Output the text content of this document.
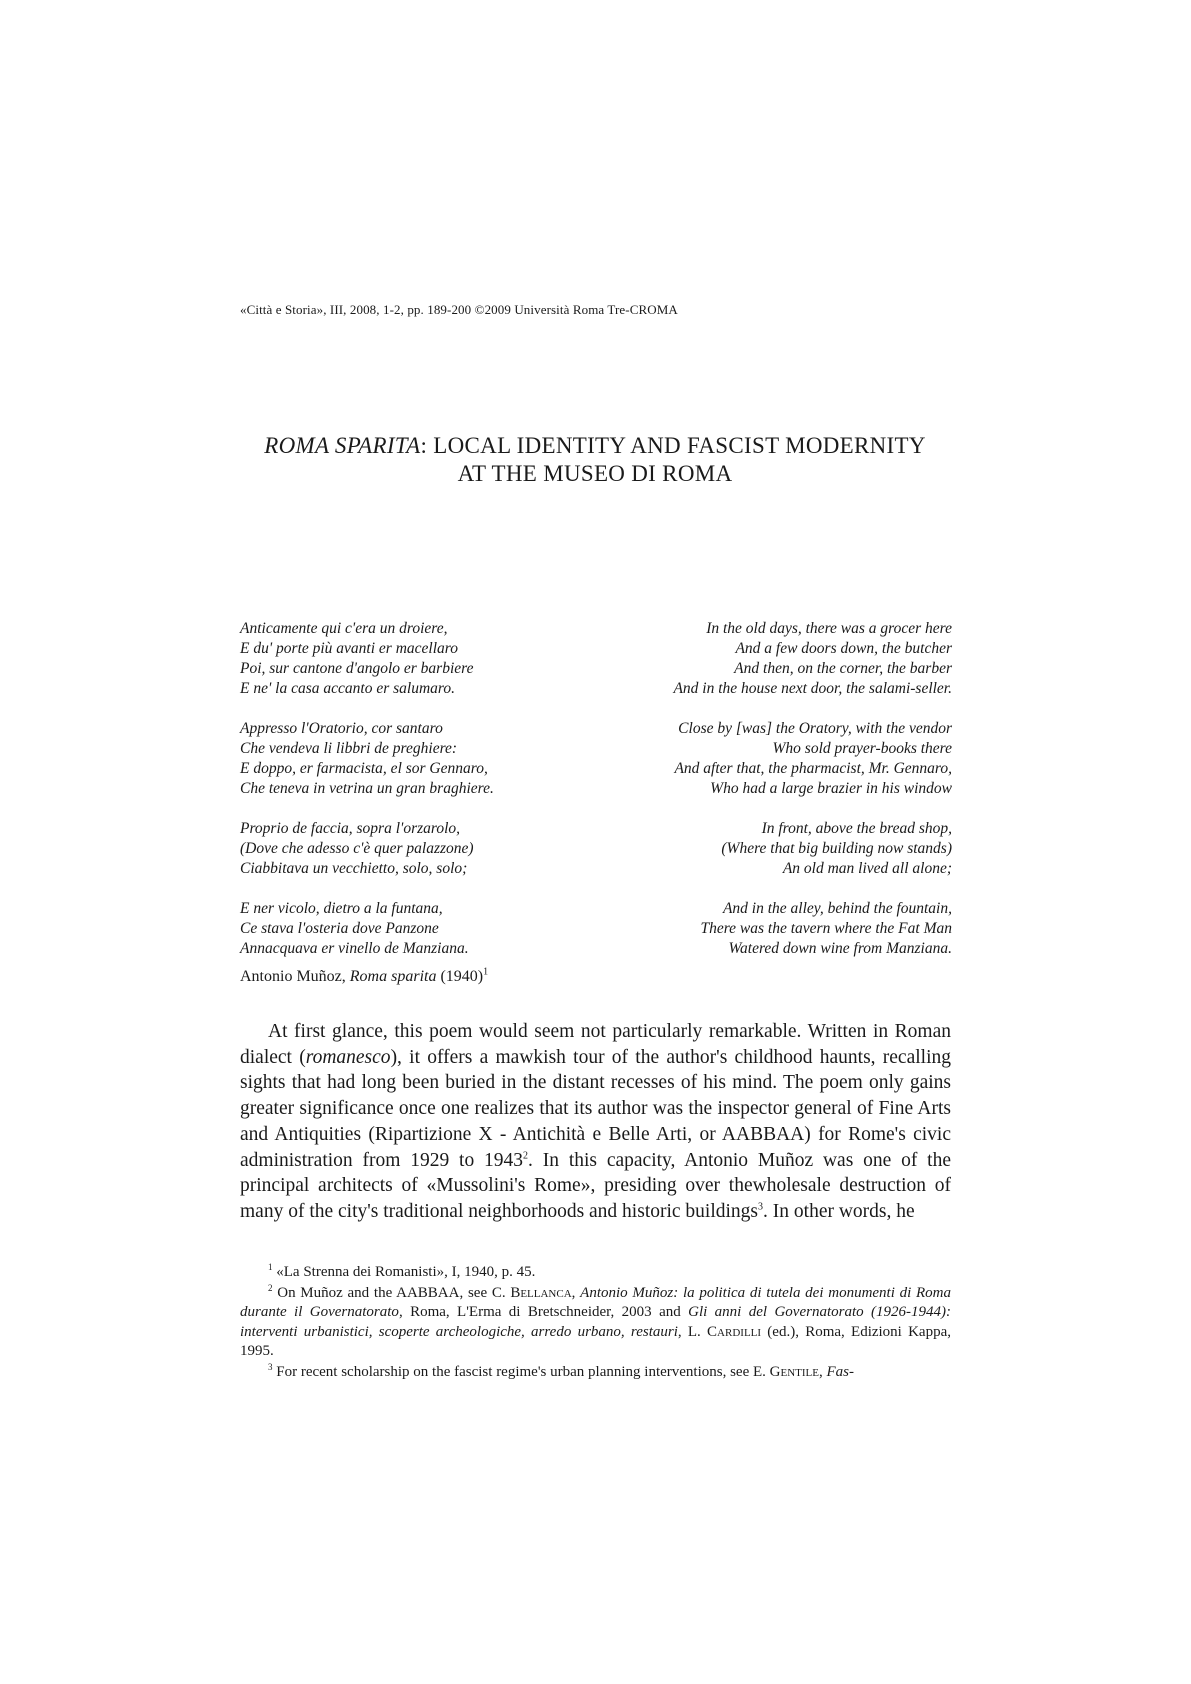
«Città e Storia», III, 2008, 1-2, pp. 189-200 ©2009 Università Roma Tre-CROMA
ROMA SPARITA: LOCAL IDENTITY AND FASCIST MODERNITY
AT THE MUSEO DI ROMA
Anticamente qui c'era un droiere,
E du' porte più avanti er macellaro
Poi, sur cantone d'angolo er barbiere
E ne' la casa accanto er salumaro.
In the old days, there was a grocer here
And a few doors down, the butcher
And then, on the corner, the barber
And in the house next door, the salami-seller.
Appresso l'Oratorio, cor santaro
Che vendeva li libbri de preghiere:
E doppo, er farmacista, el sor Gennaro,
Che teneva in vetrina un gran braghiere.
Close by [was] the Oratory, with the vendor
Who sold prayer-books there
And after that, the pharmacist, Mr. Gennaro,
Who had a large brazier in his window
Proprio de faccia, sopra l'orzarolo,
(Dove che adesso c'è quer palazzone)
Ciabbitava un vecchietto, solo, solo;
In front, above the bread shop,
(Where that big building now stands)
An old man lived all alone;
E ner vicolo, dietro a la funtana,
Ce stava l'osteria dove Panzone
Annacquava er vinello de Manziana.
And in the alley, behind the fountain,
There was the tavern where the Fat Man
Watered down wine from Manziana.
Antonio Muñoz, Roma sparita $(1940)^1$

At first glance, this poem would seem not particularly remarkable. Written in Roman dialect (romanesco), it offers a mawkish tour of the author's childhood haunts, recalling sights that had long been buried in the distant recesses of his mind. The poem only gains greater significance once one realizes that its author was the inspector general of Fine Arts and Antiquities (Ripartizione X - Antichità e Belle Arti, or AABBAA) for Rome's civic administration from 1929 to 1943$^2$. In this capacity, Antonio Muñoz was one of the principal architects of «Mussolini's Rome», presiding over thewholesale destruction of many of the city's traditional neighborhoods and historic buildings$^3$. In other words, he

$^1$ «La Strenna dei Romanisti», I, 1940, p. 45.

$^2$ On Muñoz and the AABBAA, see C. Bellanca, Antonio Muñoz: la politica di tutela dei monumenti di Roma durante il Governatorato, Roma, L'Erma di Bretschneider, 2003 and Gli anni del Governatorato (1926-1944): interventi urbanistici, scoperte archeologiche, arredo urbano, restauri, L. Cardilli (ed.), Roma, Edizioni Kappa, 1995.

$^3$ For recent scholarship on the fascist regime's urban planning interventions, see E. Gentile, Fas-
